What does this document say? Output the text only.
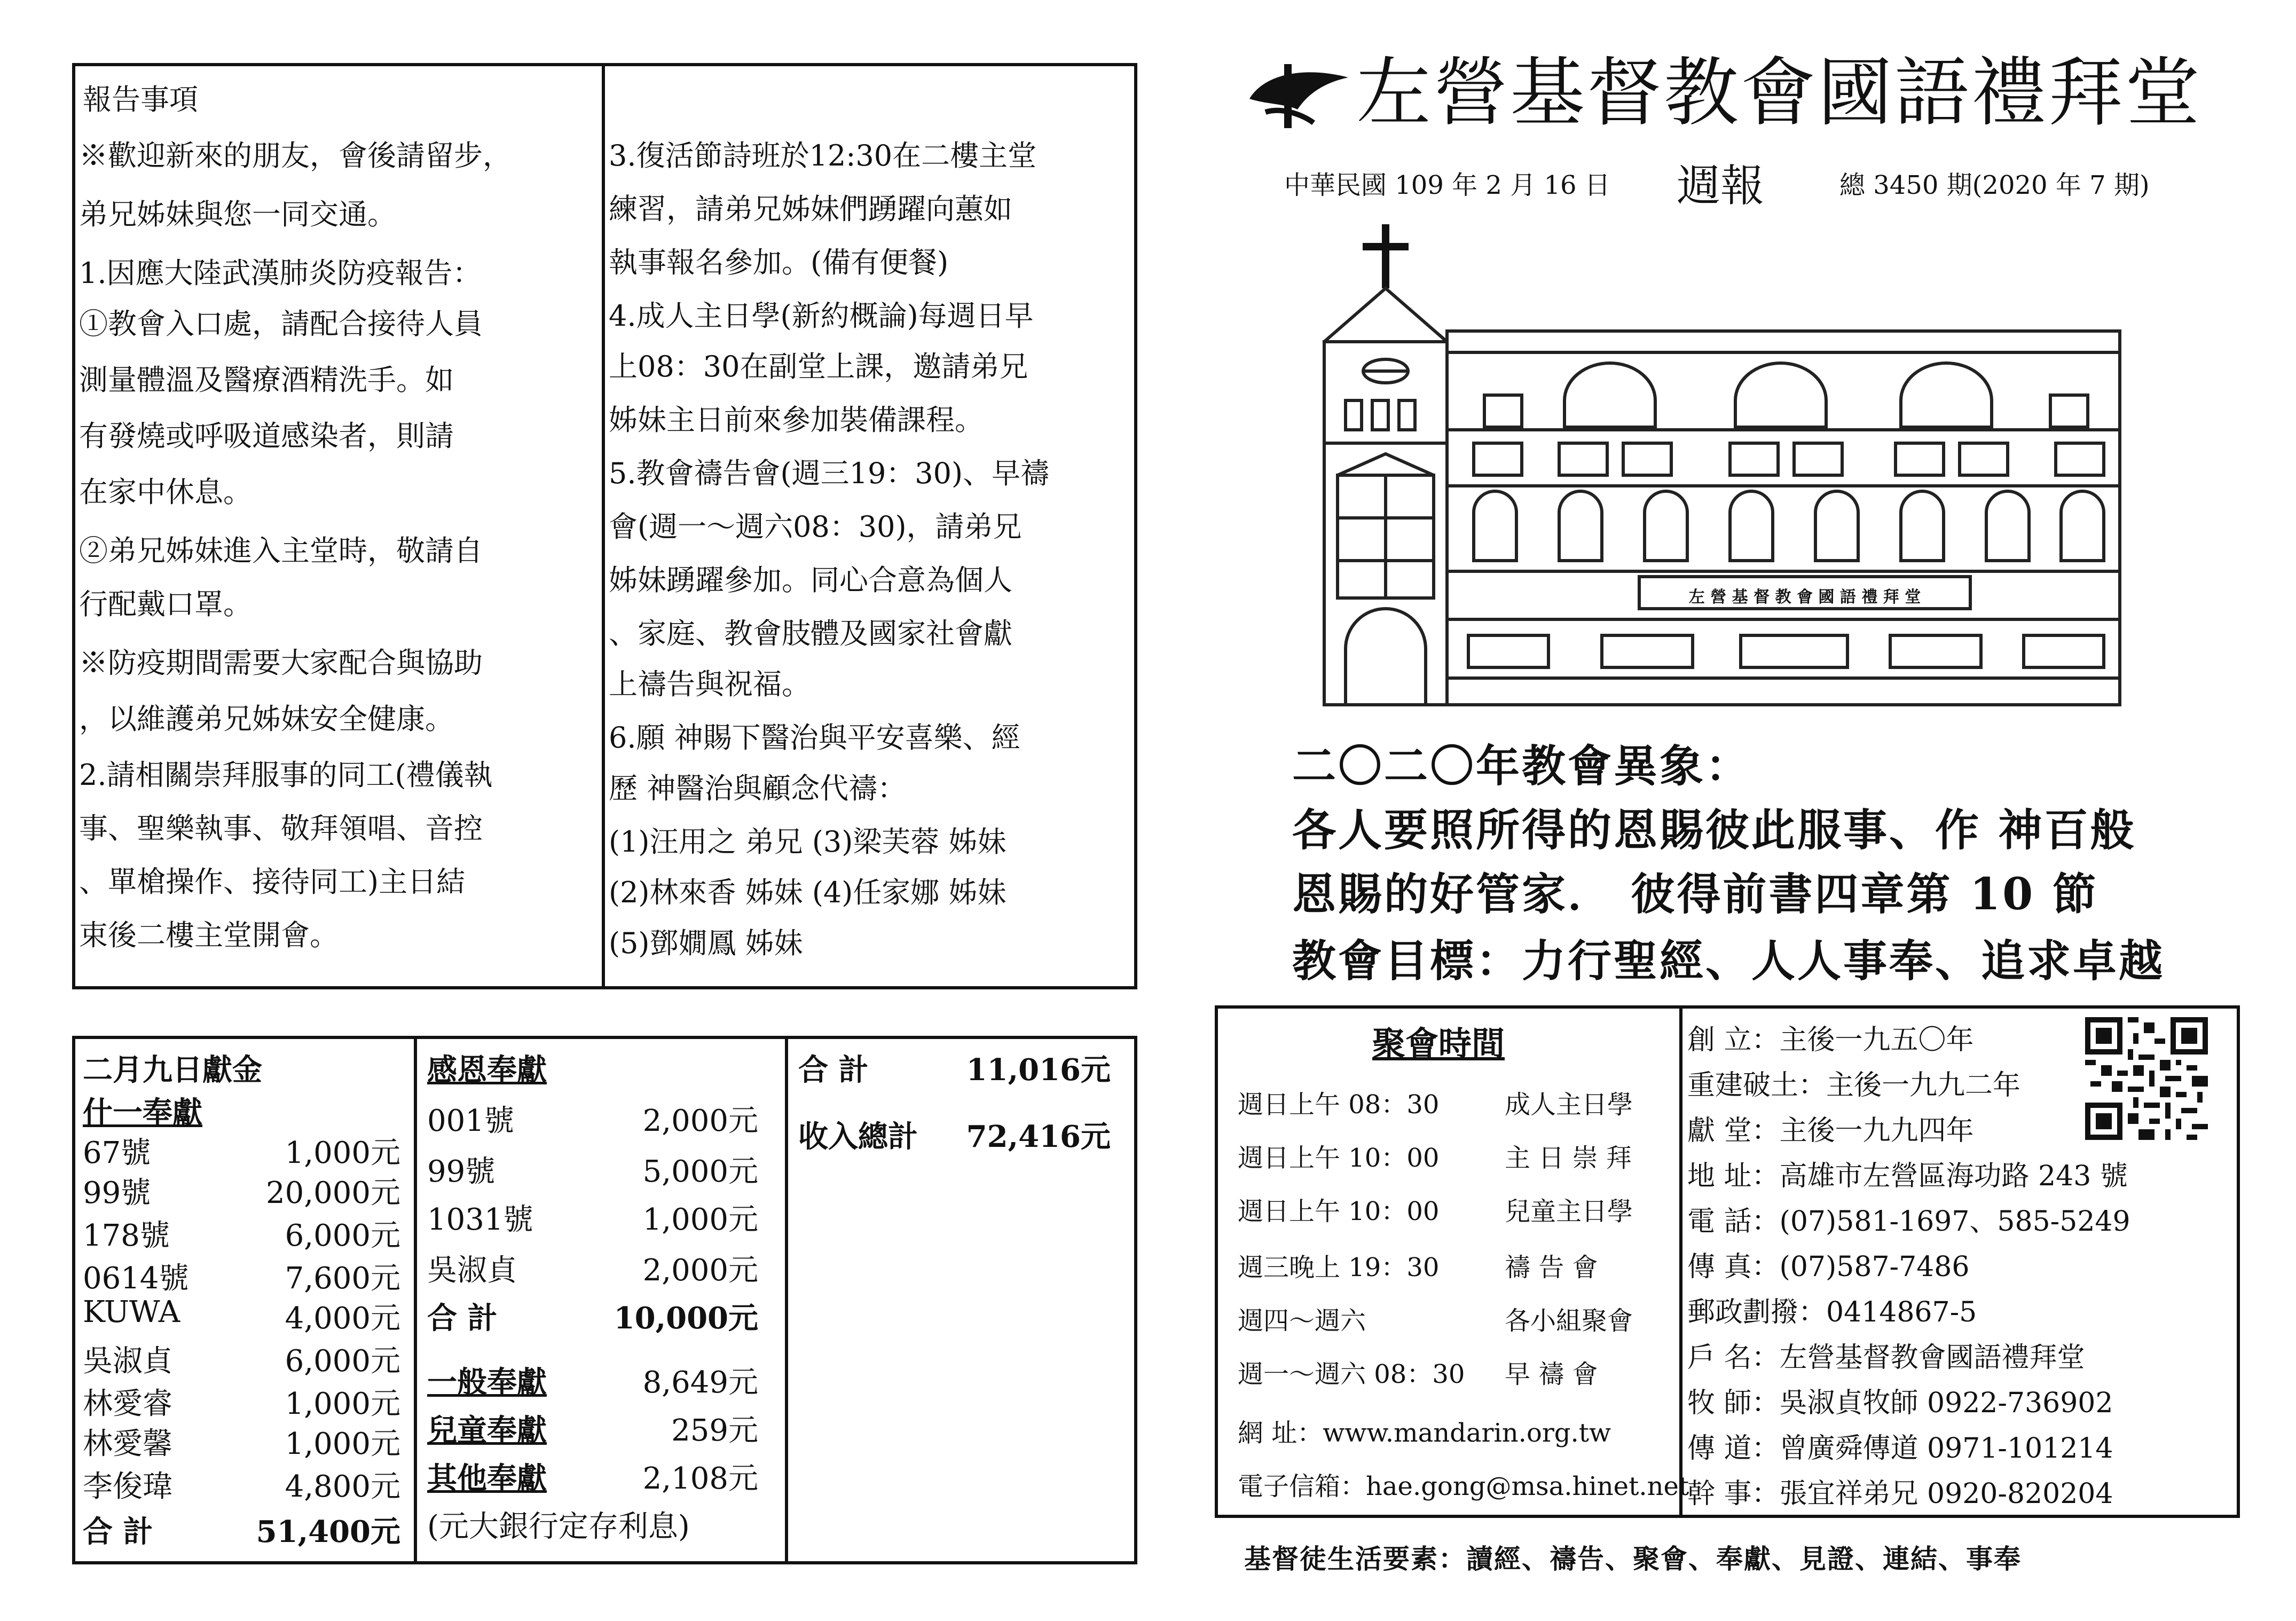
報告事項
※歡迎新來的朋友，會後請留步，
弟兄姊妹與您一同交通。
1.因應大陸武漢肺炎防疫報告：
①教會入口處，請配合接待人員
測量體溫及醫療酒精洗手。如
有發燒或呼吸道感染者，則請
在家中休息。
②弟兄姊妹進入主堂時，敬請自
行配戴口罩。
※防疫期間需要大家配合與協助
，以維護弟兄姊妹安全健康。
2.請相關崇拜服事的同工(禮儀執
事、聖樂執事、敬拜領唱、音控
、單槍操作、接待同工)主日結
束後二樓主堂開會。
3.復活節詩班於12:30在二樓主堂
練習，請弟兄姊妹們踴躍向蕙如
執事報名參加。(備有便餐)
4.成人主日學(新約概論)每週日早
上08：30在副堂上課，邀請弟兄
姊妹主日前來參加裝備課程。
5.教會禱告會(週三19：30)、早禱
會(週一～週六08：30)，請弟兄
姊妹踴躍參加。同心合意為個人
、家庭、教會肢體及國家社會獻
上禱告與祝福。
6.願 神賜下醫治與平安喜樂、經
歷 神醫治與顧念代禱：
(1)汪用之 弟兄 (3)梁芙蓉 姊妹
(2)林來香 姊妹 (4)任家娜 姊妹
(5)鄧嫺鳳 姊妹
二月九日獻金
什一奉獻
67號	1,000元
99號	20,000元
178號	6,000元
0614號	7,600元
KUWA	4,000元
吳淑貞	6,000元
林愛睿	1,000元
林愛馨	1,000元
李俊瑋	4,800元
合 計	51,400元
感恩奉獻
001號	2,000元
99號	5,000元
1031號	1,000元
吳淑貞	2,000元
合 計	10,000元
一般奉獻	8,649元
兒童奉獻	259元
其他奉獻	2,108元
(元大銀行定存利息)
合 計	11,016元
收入總計 72,416元
左營基督教會國語禮拜堂
中華民國 109 年 2 月 16 日 週報	總 3450 期(2020 年 7 期)
左 營 基 督 教 會 國 語 禮 拜 堂
二〇二〇年教會異象：
各人要照所得的恩賜彼此服事、作 神百般
恩賜的好管家． 彼得前書四章第 10 節
教會目標：力行聖經、人人事奉、追求卓越
聚會時間
週日上午 08：30	成人主日學
週日上午 10：00	主 日 崇 拜
週日上午 10：00	兒童主日學
週三晚上 19：30	禱 告 會
週四～週六	各小組聚會
週一～週六 08：30 早 禱 會
網 址：www.mandarin.org.tw
電子信箱：hae.gong@msa.hinet.net
創 立：主後一九五〇年
重建破土：主後一九九二年
獻 堂：主後一九九四年
地 址：高雄市左營區海功路 243 號
電 話：(07)581-1697、585-5249
傳 真：(07)587-7486
郵政劃撥：0414867-5
戶 名：左營基督教會國語禮拜堂
牧 師：吳淑貞牧師 0922-736902
傳 道：曾廣舜傳道 0971-101214
幹 事：張宜祥弟兄 0920-820204
基督徒生活要素：讀經、禱告、聚會、奉獻、見證、連結、事奉
